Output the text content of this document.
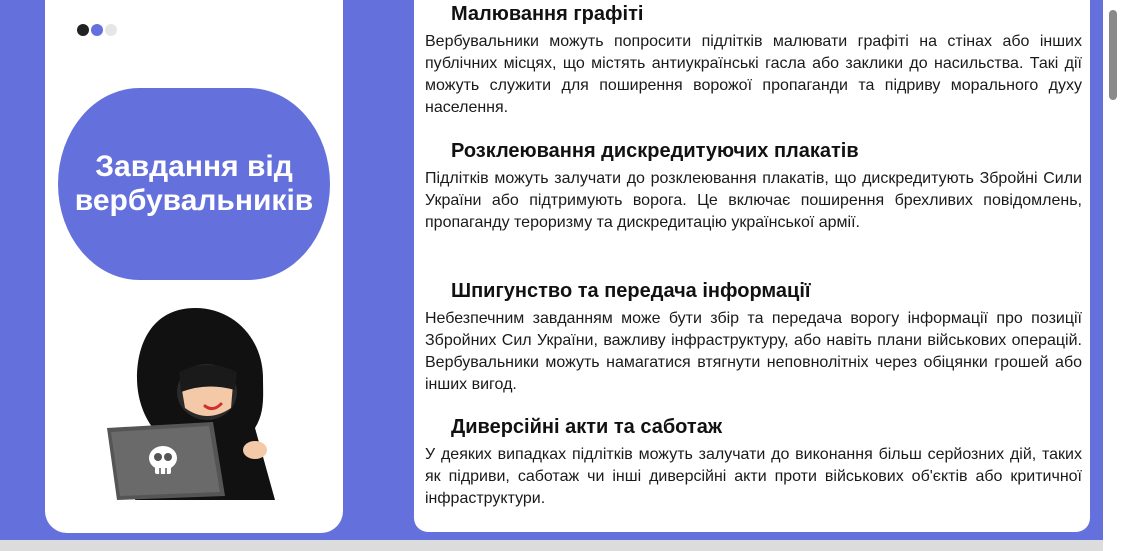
Завдання від вербувальників
Малювання графіті

Вербувальники можуть попросити підлітків малювати графіті на стінах або інших публічних місцях, що містять антиукраїнські гасла або заклики до насильства. Такі дії можуть служити для поширення ворожої пропаганди та підриву морального духу населення.

Розклеювання дискредитуючих плакатів

Підлітків можуть залучати до розклеювання плакатів, що дискредитують Збройні Сили України або підтримують ворога. Це включає поширення брехливих повідомлень, пропаганду тероризму та дискредитацію української армії.

Шпигунство та передача інформації

Небезпечним завданням може бути збір та передача ворогу інформації про позиції Збройних Сил України, важливу інфраструктуру, або навіть плани військових операцій. Вербувальники можуть намагатися втягнути неповнолітніх через обіцянки грошей або інших вигод.

Диверсійні акти та саботаж

У деяких випадках підлітків можуть залучати до виконання більш серйозних дій, таких як підриви, саботаж чи інші диверсійні акти проти військових об'єктів або критичної інфраструктури.
